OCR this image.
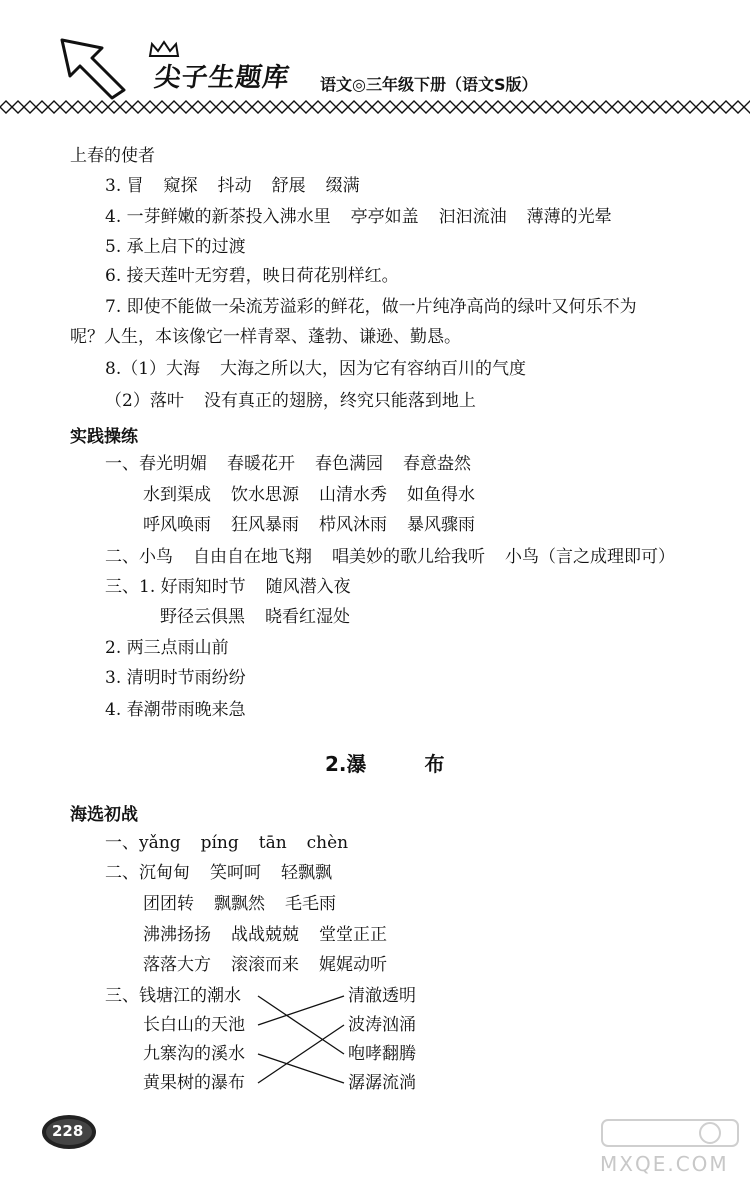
尖子生题库 语文◎三年级下册（语文S版）
上春的使者
3. 冒 窥探 抖动 舒展 缀满
4. 一芽鲜嫩的新茶投入沸水里 亭亭如盖 汩汩流油 薄薄的光晕
5. 承上启下的过渡
6. 接天莲叶无穷碧，映日荷花别样红。
7. 即使不能做一朵流芳溢彩的鲜花，做一片纯净高尚的绿叶又何乐不为
呢？人生，本该像它一样青翠、蓬勃、谦逊、勤恳。
8.（1）大海 大海之所以大，因为它有容纳百川的气度
（2）落叶 没有真正的翅膀，终究只能落到地上
实践操练
一、春光明媚 春暖花开 春色满园 春意盎然
水到渠成 饮水思源 山清水秀 如鱼得水
呼风唤雨 狂风暴雨 栉风沐雨 暴风骤雨
二、小鸟 自由自在地飞翔 唱美妙的歌儿给我听 小鸟（言之成理即可）
三、1. 好雨知时节 随风潜入夜
野径云俱黑 晓看红湿处
2. 两三点雨山前
3. 清明时节雨纷纷
4. 春潮带雨晚来急
2.瀑	布
海选初战
一、yǎng píng tān chèn
二、沉甸甸 笑呵呵 轻飘飘
团团转 飘飘然 毛毛雨
沸沸扬扬 战战兢兢 堂堂正正
落落大方 滚滚而来 娓娓动听
三、钱塘江的潮水
长白山的天池
九寨沟的溪水
黄果树的瀑布
清澈透明
波涛汹涌
咆哮翻腾
潺潺流淌
228
MXQE.COM
